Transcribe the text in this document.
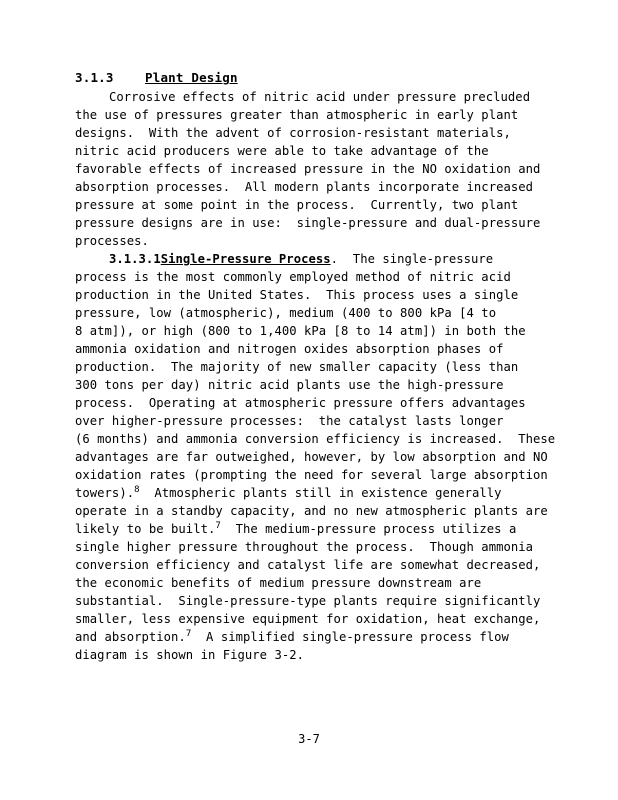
3.1.3	Plant Design
Corrosive effects of nitric acid under pressure precluded
the use of pressures greater than atmospheric in early plant
designs.  With the advent of corrosion-resistant materials,
nitric acid producers were able to take advantage of the
favorable effects of increased pressure in the NO oxidation and
absorption processes.  All modern plants incorporate increased
pressure at some point in the process.  Currently, two plant
pressure designs are in use:  single-pressure and dual-pressure
processes.
3.1.3.1Single-Pressure Process.  The single-pressure
process is the most commonly employed method of nitric acid
production in the United States.  This process uses a single
pressure, low (atmospheric), medium (400 to 800 kPa [4 to
8 atm]), or high (800 to 1,400 kPa [8 to 14 atm]) in both the
ammonia oxidation and nitrogen oxides absorption phases of
production.  The majority of new smaller capacity (less than
300 tons per day) nitric acid plants use the high-pressure
process.  Operating at atmospheric pressure offers advantages
over higher-pressure processes:  the catalyst lasts longer
(6 months) and ammonia conversion efficiency is increased.  These
advantages are far outweighed, however, by low absorption and NO
oxidation rates (prompting the need for several large absorption
towers).$^8$  Atmospheric plants still in existence generally
operate in a standby capacity, and no new atmospheric plants are
likely to be built.$^7$  The medium-pressure process utilizes a
single higher pressure throughout the process.  Though ammonia
conversion efficiency and catalyst life are somewhat decreased,
the economic benefits of medium pressure downstream are
substantial.  Single-pressure-type plants require significantly
smaller, less expensive equipment for oxidation, heat exchange,
and absorption.$^7$  A simplified single-pressure process flow
diagram is shown in Figure 3-2.
3-7
